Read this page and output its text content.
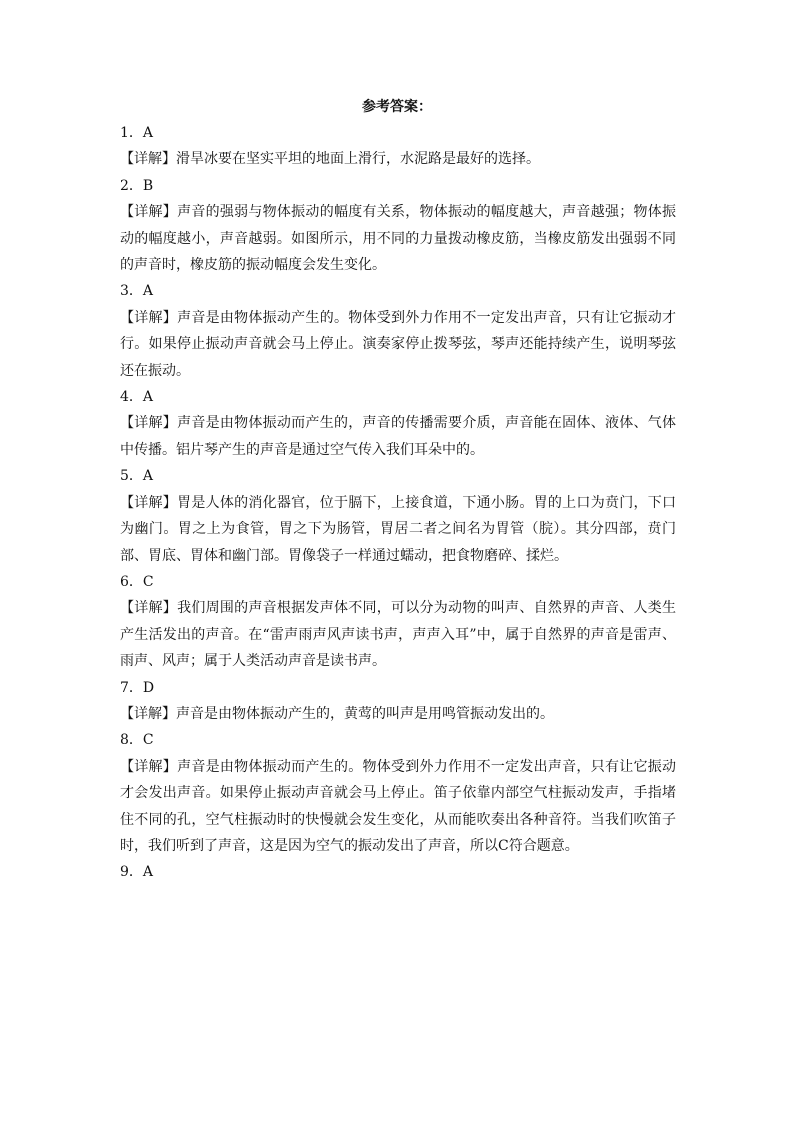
参考答案：

1．A

【详解】滑旱冰要在坚实平坦的地面上滑行，水泥路是最好的选择。

2．B

【详解】声音的强弱与物体振动的幅度有关系，物体振动的幅度越大，声音越强；物体振动的幅度越小，声音越弱。如图所示，用不同的力量拨动橡皮筋，当橡皮筋发出强弱不同的声音时，橡皮筋的振动幅度会发生变化。

3．A

【详解】声音是由物体振动产生的。物体受到外力作用不一定发出声音，只有让它振动才行。如果停止振动声音就会马上停止。演奏家停止拨琴弦，琴声还能持续产生，说明琴弦还在振动。

4．A

【详解】声音是由物体振动而产生的，声音的传播需要介质，声音能在固体、液体、气体中传播。铝片琴产生的声音是通过空气传入我们耳朵中的。

5．A

【详解】胃是人体的消化器官，位于膈下，上接食道，下通小肠。胃的上口为贲门，下口为幽门。胃之上为食管，胃之下为肠管，胃居二者之间名为胃管（脘）。其分四部，贲门部、胃底、胃体和幽门部。胃像袋子一样通过蠕动，把食物磨碎、揉烂。

6．C

【详解】我们周围的声音根据发声体不同，可以分为动物的叫声、自然界的声音、人类生产生活发出的声音。在“雷声雨声风声读书声，声声入耳”中，属于自然界的声音是雷声、雨声、风声；属于人类活动声音是读书声。

7．D

【详解】声音是由物体振动产生的，黄莺的叫声是用鸣管振动发出的。

8．C

【详解】声音是由物体振动而产生的。物体受到外力作用不一定发出声音，只有让它振动才会发出声音。如果停止振动声音就会马上停止。笛子依靠内部空气柱振动发声，手指堵住不同的孔，空气柱振动时的快慢就会发生变化，从而能吹奏出各种音符。当我们吹笛子时，我们听到了声音，这是因为空气的振动发出了声音，所以C符合题意。

9．A
